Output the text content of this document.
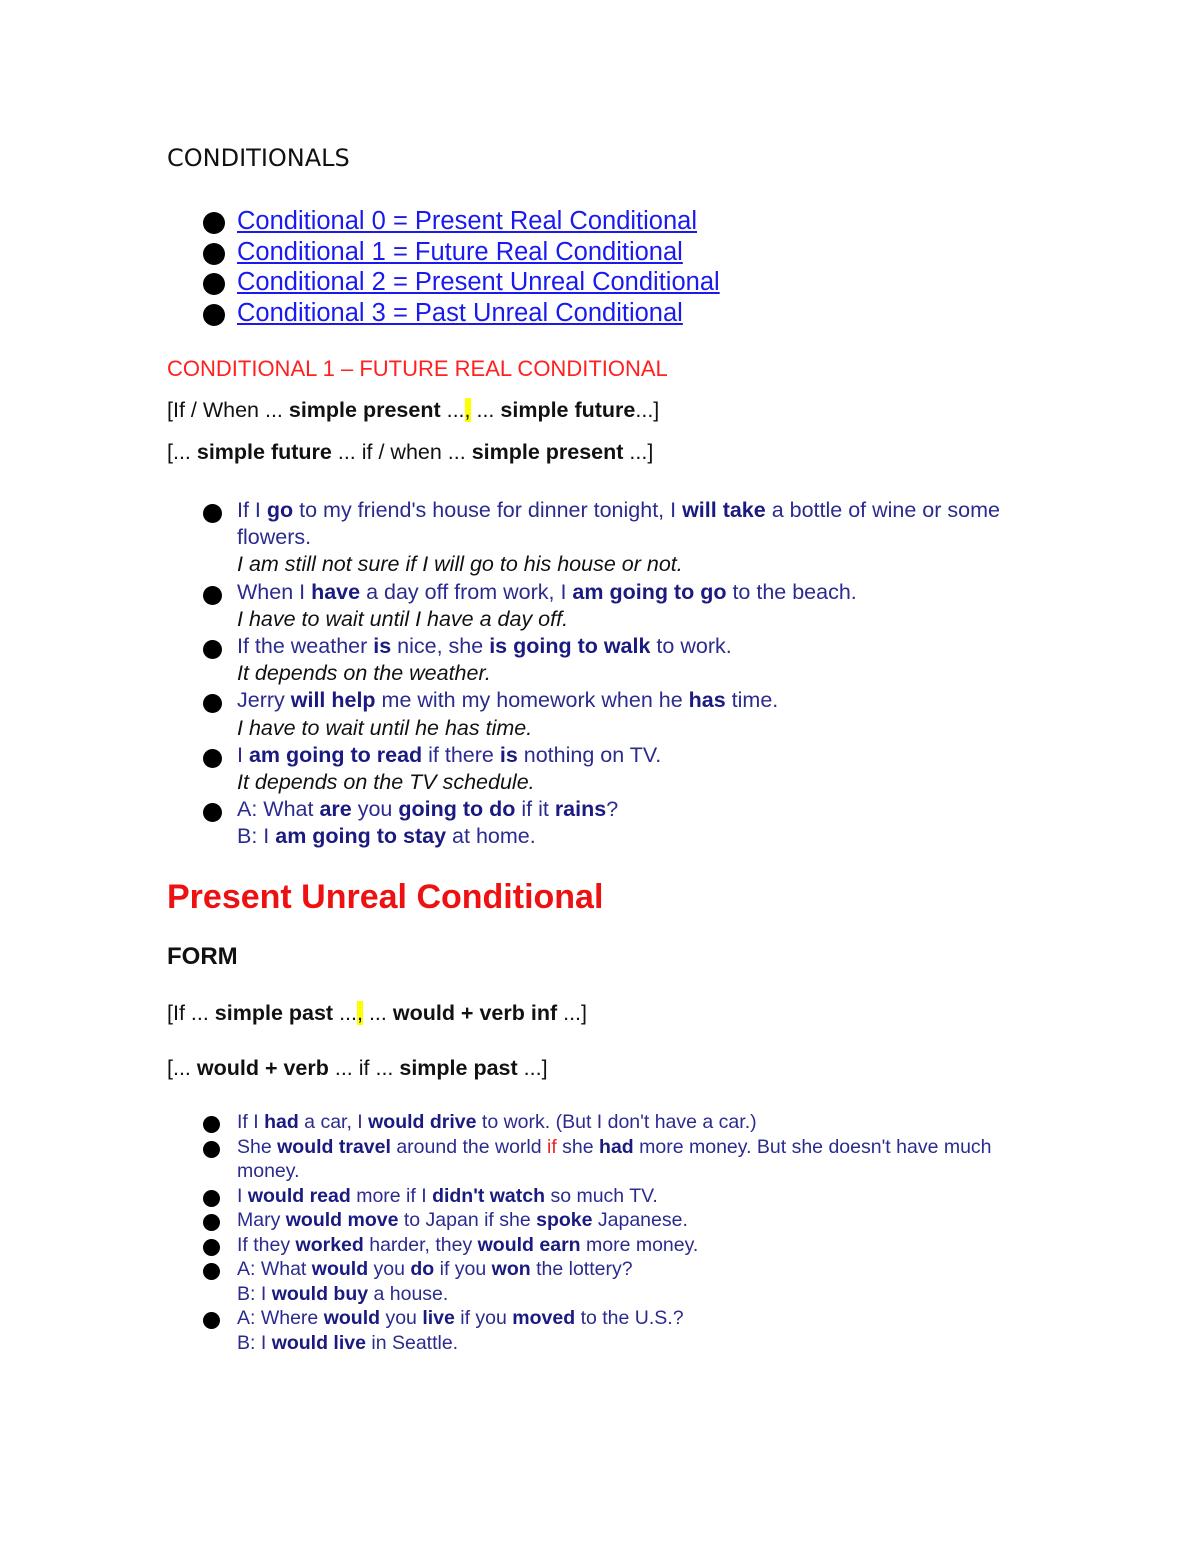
CONDITIONALS
Conditional 0 = Present Real Conditional
Conditional 1 = Future Real Conditional
Conditional 2 = Present Unreal Conditional
Conditional 3 = Past Unreal Conditional
CONDITIONAL 1 – FUTURE REAL CONDITIONAL
[If / When ... simple present ..., ... simple future...]
[... simple future ... if / when ... simple present ...]
If I go to my friend's house for dinner tonight, I will take a bottle of wine or some flowers.
I am still not sure if I will go to his house or not.
When I have a day off from work, I am going to go to the beach.
I have to wait until I have a day off.
If the weather is nice, she is going to walk to work.
It depends on the weather.
Jerry will help me with my homework when he has time.
I have to wait until he has time.
I am going to read if there is nothing on TV.
It depends on the TV schedule.
A: What are you going to do if it rains?
B: I am going to stay at home.
Present Unreal Conditional
FORM
[If ... simple past ..., ... would + verb inf ...]
[... would + verb ... if ... simple past ...]
If I had a car, I would drive to work. (But I don't have a car.)
She would travel around the world if she had more money. But she doesn't have much money.
I would read more if I didn't watch so much TV.
Mary would move to Japan if she spoke Japanese.
If they worked harder, they would earn more money.
A: What would you do if you won the lottery?
B: I would buy a house.
A: Where would you live if you moved to the U.S.?
B: I would live in Seattle.
